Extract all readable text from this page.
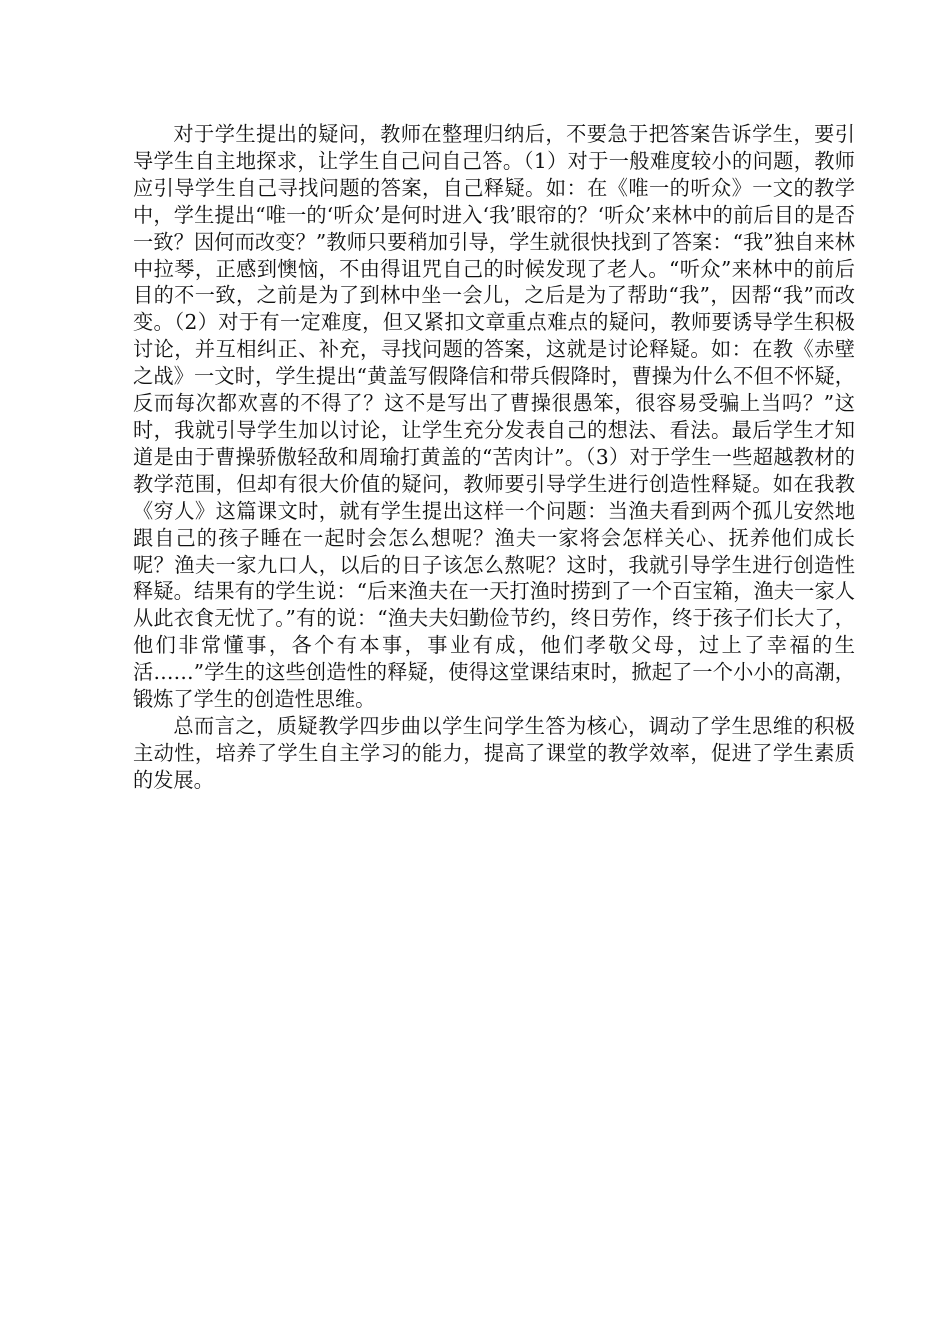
对于学生提出的疑问，教师在整理归纳后，不要急于把答案告诉学生，要引导学生自主地探求，让学生自己问自己答。（1）对于一般难度较小的问题，教师应引导学生自己寻找问题的答案，自己释疑。如：在《唯一的听众》一文的教学中，学生提出“唯一的‘听众’是何时进入‘我’眼帘的？‘听众’来林中的前后目的是否一致？因何而改变？”教师只要稍加引导，学生就很快找到了答案：“我”独自来林中拉琴，正感到懊恼，不由得诅咒自己的时候发现了老人。“听众”来林中的前后目的不一致，之前是为了到林中坐一会儿，之后是为了帮助“我”，因帮“我”而改变。（2）对于有一定难度，但又紧扣文章重点难点的疑问，教师要诱导学生积极讨论，并互相纠正、补充，寻找问题的答案，这就是讨论释疑。如：在教《赤壁之战》一文时，学生提出“黄盖写假降信和带兵假降时，曹操为什么不但不怀疑，反而每次都欢喜的不得了？这不是写出了曹操很愚笨，很容易受骗上当吗？”这时，我就引导学生加以讨论，让学生充分发表自己的想法、看法。最后学生才知道是由于曹操骄傲轻敌和周瑜打黄盖的“苦肉计”。（3）对于学生一些超越教材的教学范围，但却有很大价值的疑问，教师要引导学生进行创造性释疑。如在我教《穷人》这篇课文时，就有学生提出这样一个问题：当渔夫看到两个孤儿安然地跟自己的孩子睡在一起时会怎么想呢？渔夫一家将会怎样关心、抚养他们成长呢？渔夫一家九口人，以后的日子该怎么熬呢？这时，我就引导学生进行创造性释疑。结果有的学生说：“后来渔夫在一天打渔时捞到了一个百宝箱，渔夫一家人从此衣食无忧了。”有的说：“渔夫夫妇勤俭节约，终日劳作，终于孩子们长大了，他们非常懂事，各个有本事，事业有成，他们孝敬父母，过上了幸福的生活……”学生的这些创造性的释疑，使得这堂课结束时，掀起了一个小小的高潮，锻炼了学生的创造性思维。

总而言之，质疑教学四步曲以学生问学生答为核心，调动了学生思维的积极主动性，培养了学生自主学习的能力，提高了课堂的教学效率，促进了学生素质的发展。
